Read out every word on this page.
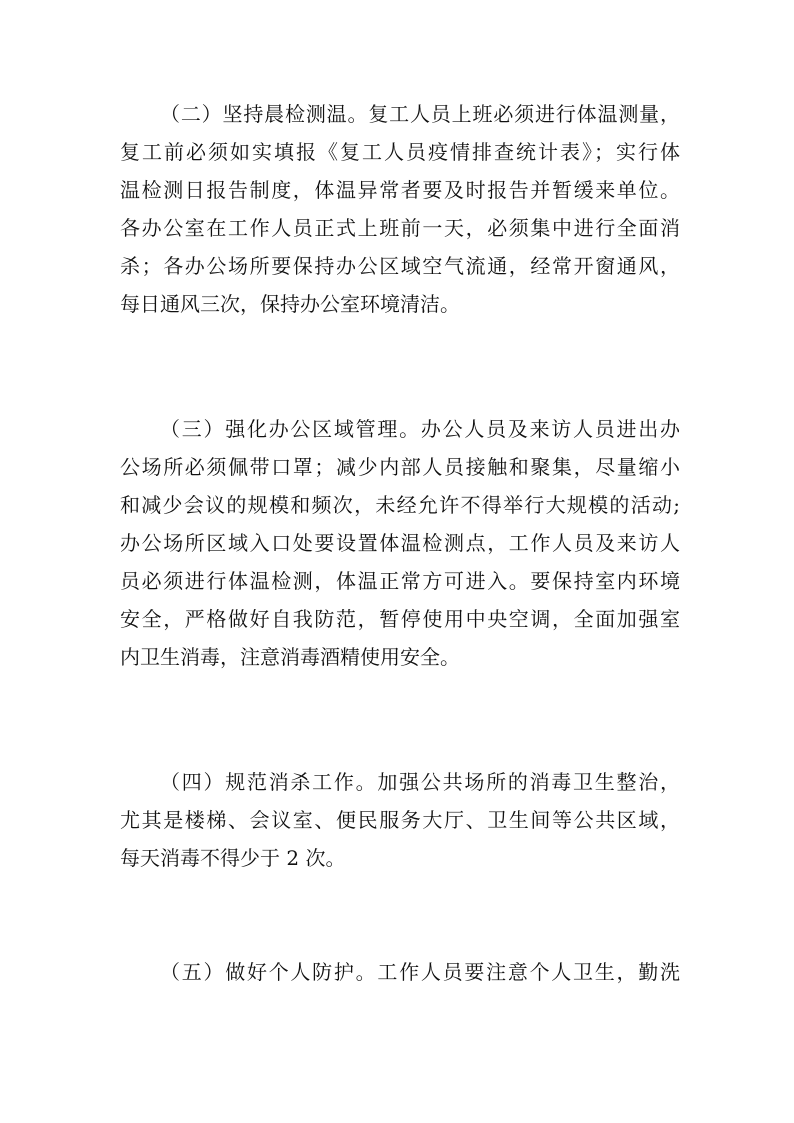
（二）坚持晨检测温。复工人员上班必须进行体温测量，
复工前必须如实填报《复工人员疫情排查统计表》；实行体
温检测日报告制度，体温异常者要及时报告并暂缓来单位。
各办公室在工作人员正式上班前一天，必须集中进行全面消
杀；各办公场所要保持办公区域空气流通，经常开窗通风，
每日通风三次，保持办公室环境清洁。
（三）强化办公区域管理。办公人员及来访人员进出办
公场所必须佩带口罩；减少内部人员接触和聚集，尽量缩小
和减少会议的规模和频次，未经允许不得举行大规模的活动;
办公场所区域入口处要设置体温检测点，工作人员及来访人
员必须进行体温检测，体温正常方可进入。要保持室内环境
安全，严格做好自我防范，暂停使用中央空调，全面加强室
内卫生消毒，注意消毒酒精使用安全。
（四）规范消杀工作。加强公共场所的消毒卫生整治，
尤其是楼梯、会议室、便民服务大厅、卫生间等公共区域，
每天消毒不得少于 2 次。
（五）做好个人防护。工作人员要注意个人卫生，勤洗
